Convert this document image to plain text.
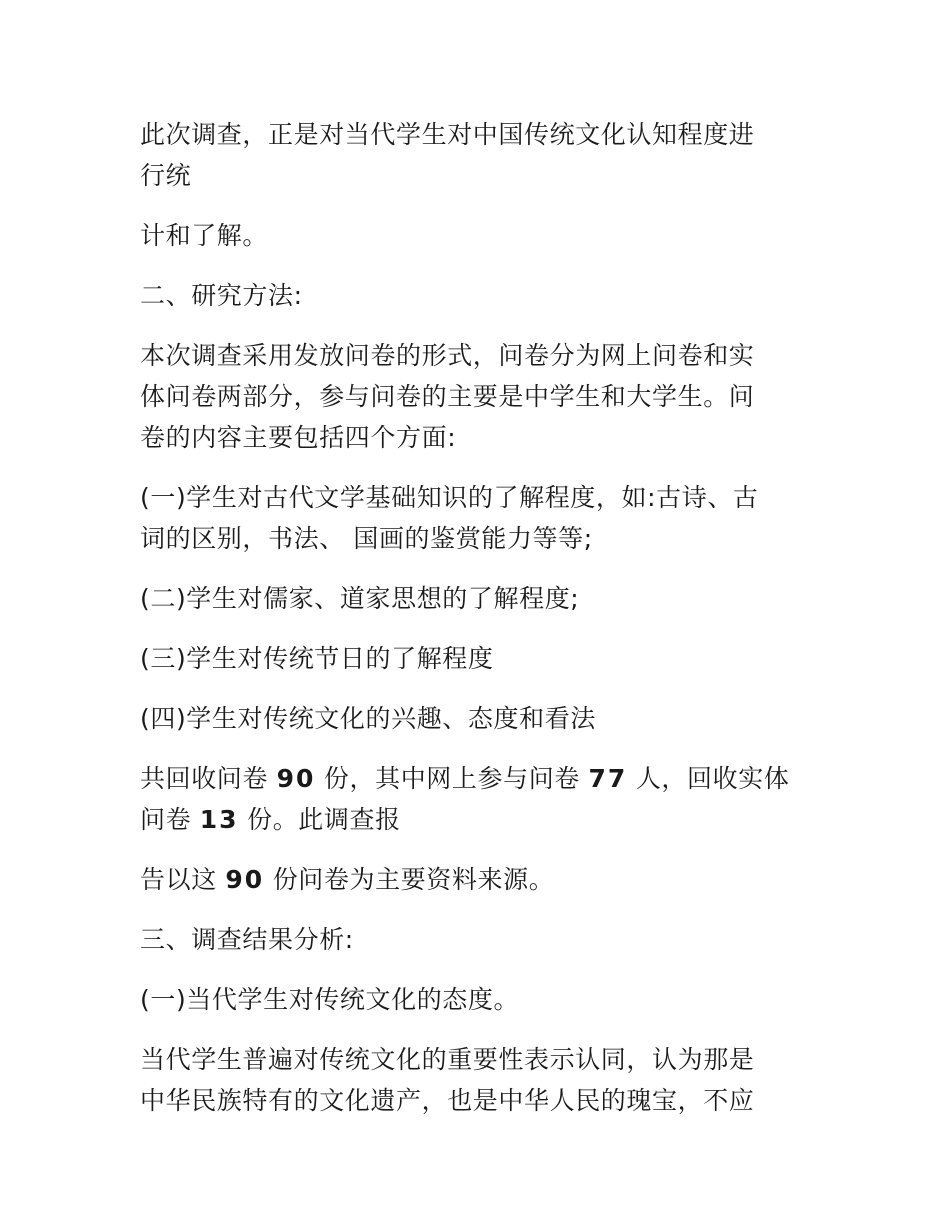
此次调查，正是对当代学生对中国传统文化认知程度进
行统

计和了解。

二、研究方法:

本次调查采用发放问卷的形式，问卷分为网上问卷和实
体问卷两部分，参与问卷的主要是中学生和大学生。问
卷的内容主要包括四个方面:

(一)学生对古代文学基础知识的了解程度，如:古诗、古
词的区别，书法、 国画的鉴赏能力等等;

(二)学生对儒家、道家思想的了解程度;

(三)学生对传统节日的了解程度

(四)学生对传统文化的兴趣、态度和看法

共回收问卷 90 份，其中网上参与问卷 77 人，回收实体
问卷 13 份。此调查报

告以这 90 份问卷为主要资料来源。

三、调查结果分析:

(一)当代学生对传统文化的态度。

当代学生普遍对传统文化的重要性表示认同，认为那是
中华民族特有的文化遗产，也是中华人民的瑰宝，不应
